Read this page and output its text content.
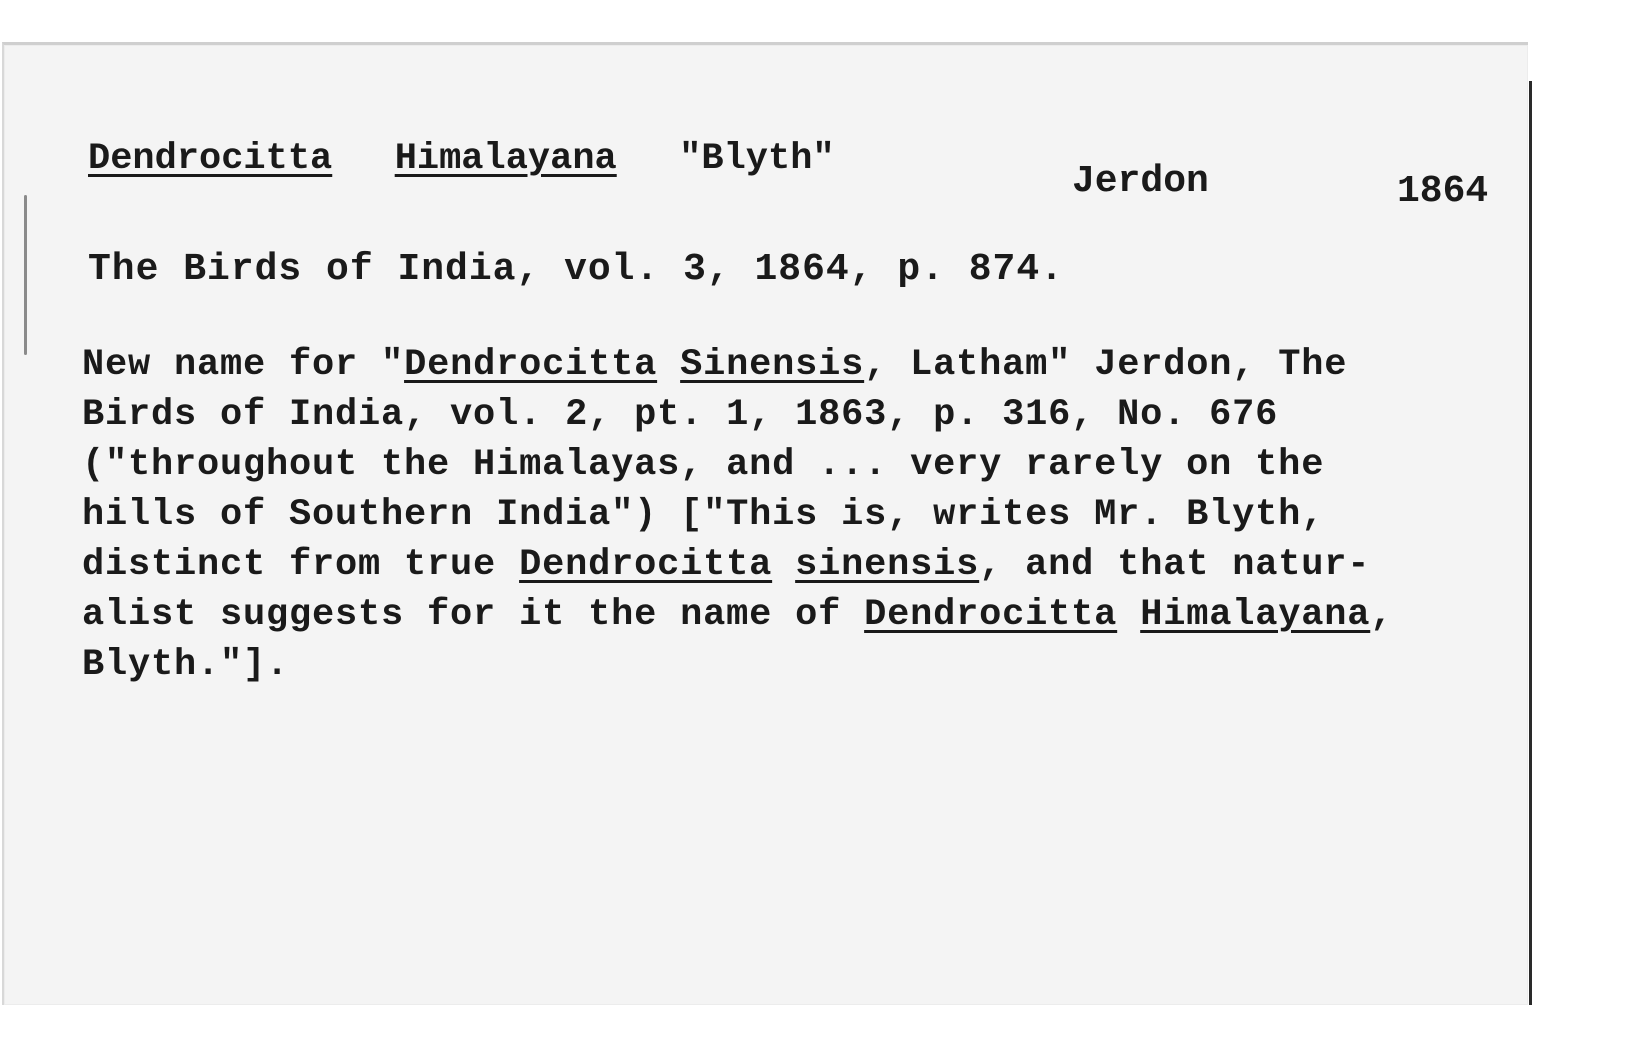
Dendrocitta Himalayana "Blyth"
Jerdon	1864
The Birds of India, vol. 3, 1864, p. 874.
New name for "Dendrocitta Sinensis, Latham" Jerdon, The
Birds of India, vol. 2, pt. 1, 1863, p. 316, No. 676
("throughout the Himalayas, and ... very rarely on the
hills of Southern India") ["This is, writes Mr. Blyth,
distinct from true Dendrocitta sinensis, and that natur-
alist suggests for it the name of Dendrocitta Himalayana,
Blyth."].
